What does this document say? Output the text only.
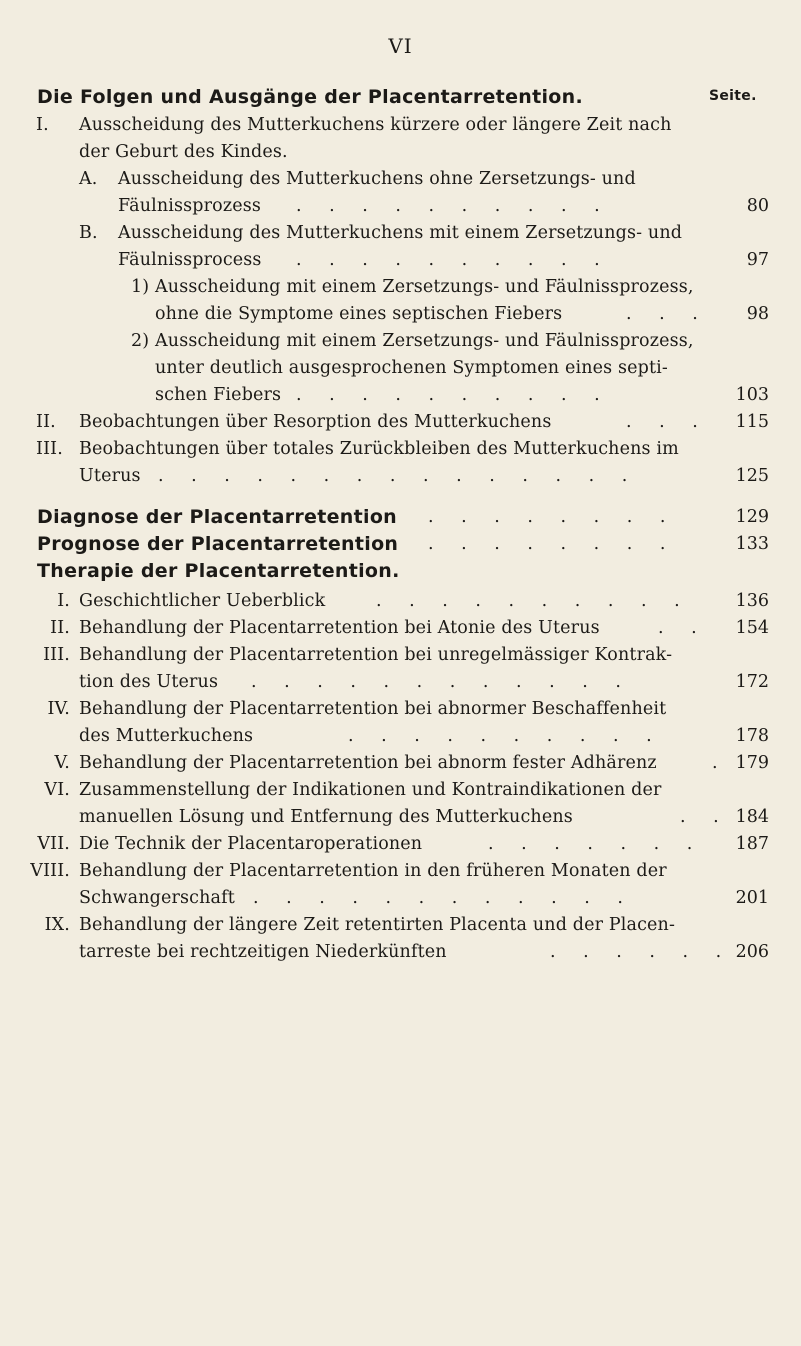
VI
Die Folgen und Ausgänge der Placentarretention.	Seite.
I. Ausscheidung des Mutterkuchens kürzere oder längere Zeit nach
der Geburt des Kindes.
A. Ausscheidung des Mutterkuchens ohne Zersetzungs- und
Fäulnissprozess . . . . . . . . . .	80
B. Ausscheidung des Mutterkuchens mit einem Zersetzungs- und
Fäulnissprocess . . . . . . . . . .	97
1) Ausscheidung mit einem Zersetzungs- und Fäulnissprozess,
ohne die Symptome eines septischen Fiebers	. . . 98
2) Ausscheidung mit einem Zersetzungs- und Fäulnissprozess,
unter deutlich ausgesprochenen Symptomen eines septi-
schen Fiebers . . . . . . . . . .	103
II. Beobachtungen über Resorption des Mutterkuchens	. . . 115
III. Beobachtungen über totales Zurückbleiben des Mutterkuchens im
Uterus . . . . . . . . . . . . . . .	125
Diagnose der Placentarretention . . . . . . . .	129
Prognose der Placentarretention . . . . . . . .	133
Therapie der Placentarretention.
I. Geschichtlicher Ueberblick	. . . . . . . . . .	136
II. Behandlung der Placentarretention bei Atonie des Uterus	. . 154
III. Behandlung der Placentarretention bei unregelmässiger Kontrak-
tion des Uterus . . . . . . . . . . . .	172
IV. Behandlung der Placentarretention bei abnormer Beschaffenheit
des Mutterkuchens	. . . . . . . . . .	178
V. Behandlung der Placentarretention bei abnorm fester Adhärenz	. 179
VI. Zusammenstellung der Indikationen und Kontraindikationen der
manuellen Lösung und Entfernung des Mutterkuchens	. . 184
VII. Die Technik der Placentaroperationen	. . . . . . . 187
VIII. Behandlung der Placentarretention in den früheren Monaten der
Schwangerschaft . . . . . . . . . . . .	201
IX. Behandlung der längere Zeit retentirten Placenta und der Placen-
tarreste bei rechtzeitigen Niederkünften	. . . . . . 206
